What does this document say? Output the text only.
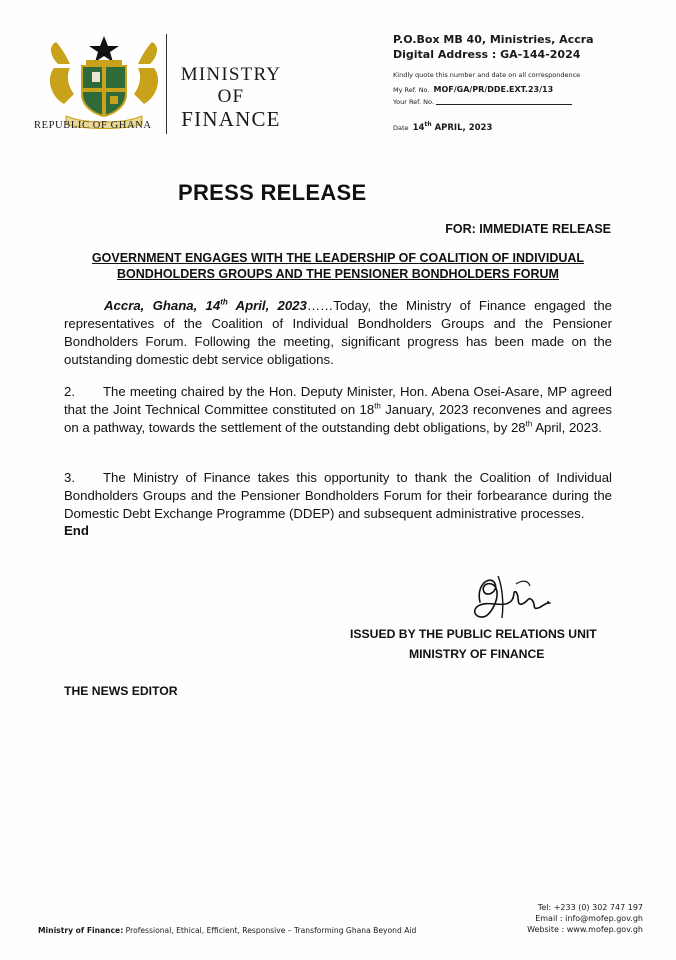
REPUBLIC OF GHANA
MINISTRY
OF
FINANCE
P.O.Box MB 40, Ministries, Accra
Digital Address : GA-144-2024
Kindly quote this number and date on all correspondence
My Ref. No. MOF/GA/PR/DDE.EXT.23/13
Your Ref. No.
Date 14th APRIL, 2023
PRESS RELEASE
FOR: IMMEDIATE RELEASE
GOVERNMENT ENGAGES WITH THE LEADERSHIP OF COALITION OF INDIVIDUAL
BONDHOLDERS GROUPS AND THE PENSIONER BONDHOLDERS FORUM
Accra, Ghana, 14th April, 2023……Today, the Ministry of Finance engaged the representatives of the Coalition of Individual Bondholders Groups and the Pensioner Bondholders Forum. Following the meeting, significant progress has been made on the outstanding domestic debt service obligations.
2. The meeting chaired by the Hon. Deputy Minister, Hon. Abena Osei-Asare, MP agreed that the Joint Technical Committee constituted on 18th January, 2023 reconvenes and agrees on a pathway, towards the settlement of the outstanding debt obligations, by 28th April, 2023.
3. The Ministry of Finance takes this opportunity to thank the Coalition of Individual Bondholders Groups and the Pensioner Bondholders Forum for their forbearance during the Domestic Debt Exchange Programme (DDEP) and subsequent administrative processes.
End
ISSUED BY THE PUBLIC RELATIONS UNIT
MINISTRY OF FINANCE
THE NEWS EDITOR
Tel: +233 (0) 302 747 197
Email : info@mofep.gov.gh
Website : www.mofep.gov.gh
Ministry of Finance: Professional, Ethical, Efficient, Responsive – Transforming Ghana Beyond Aid
